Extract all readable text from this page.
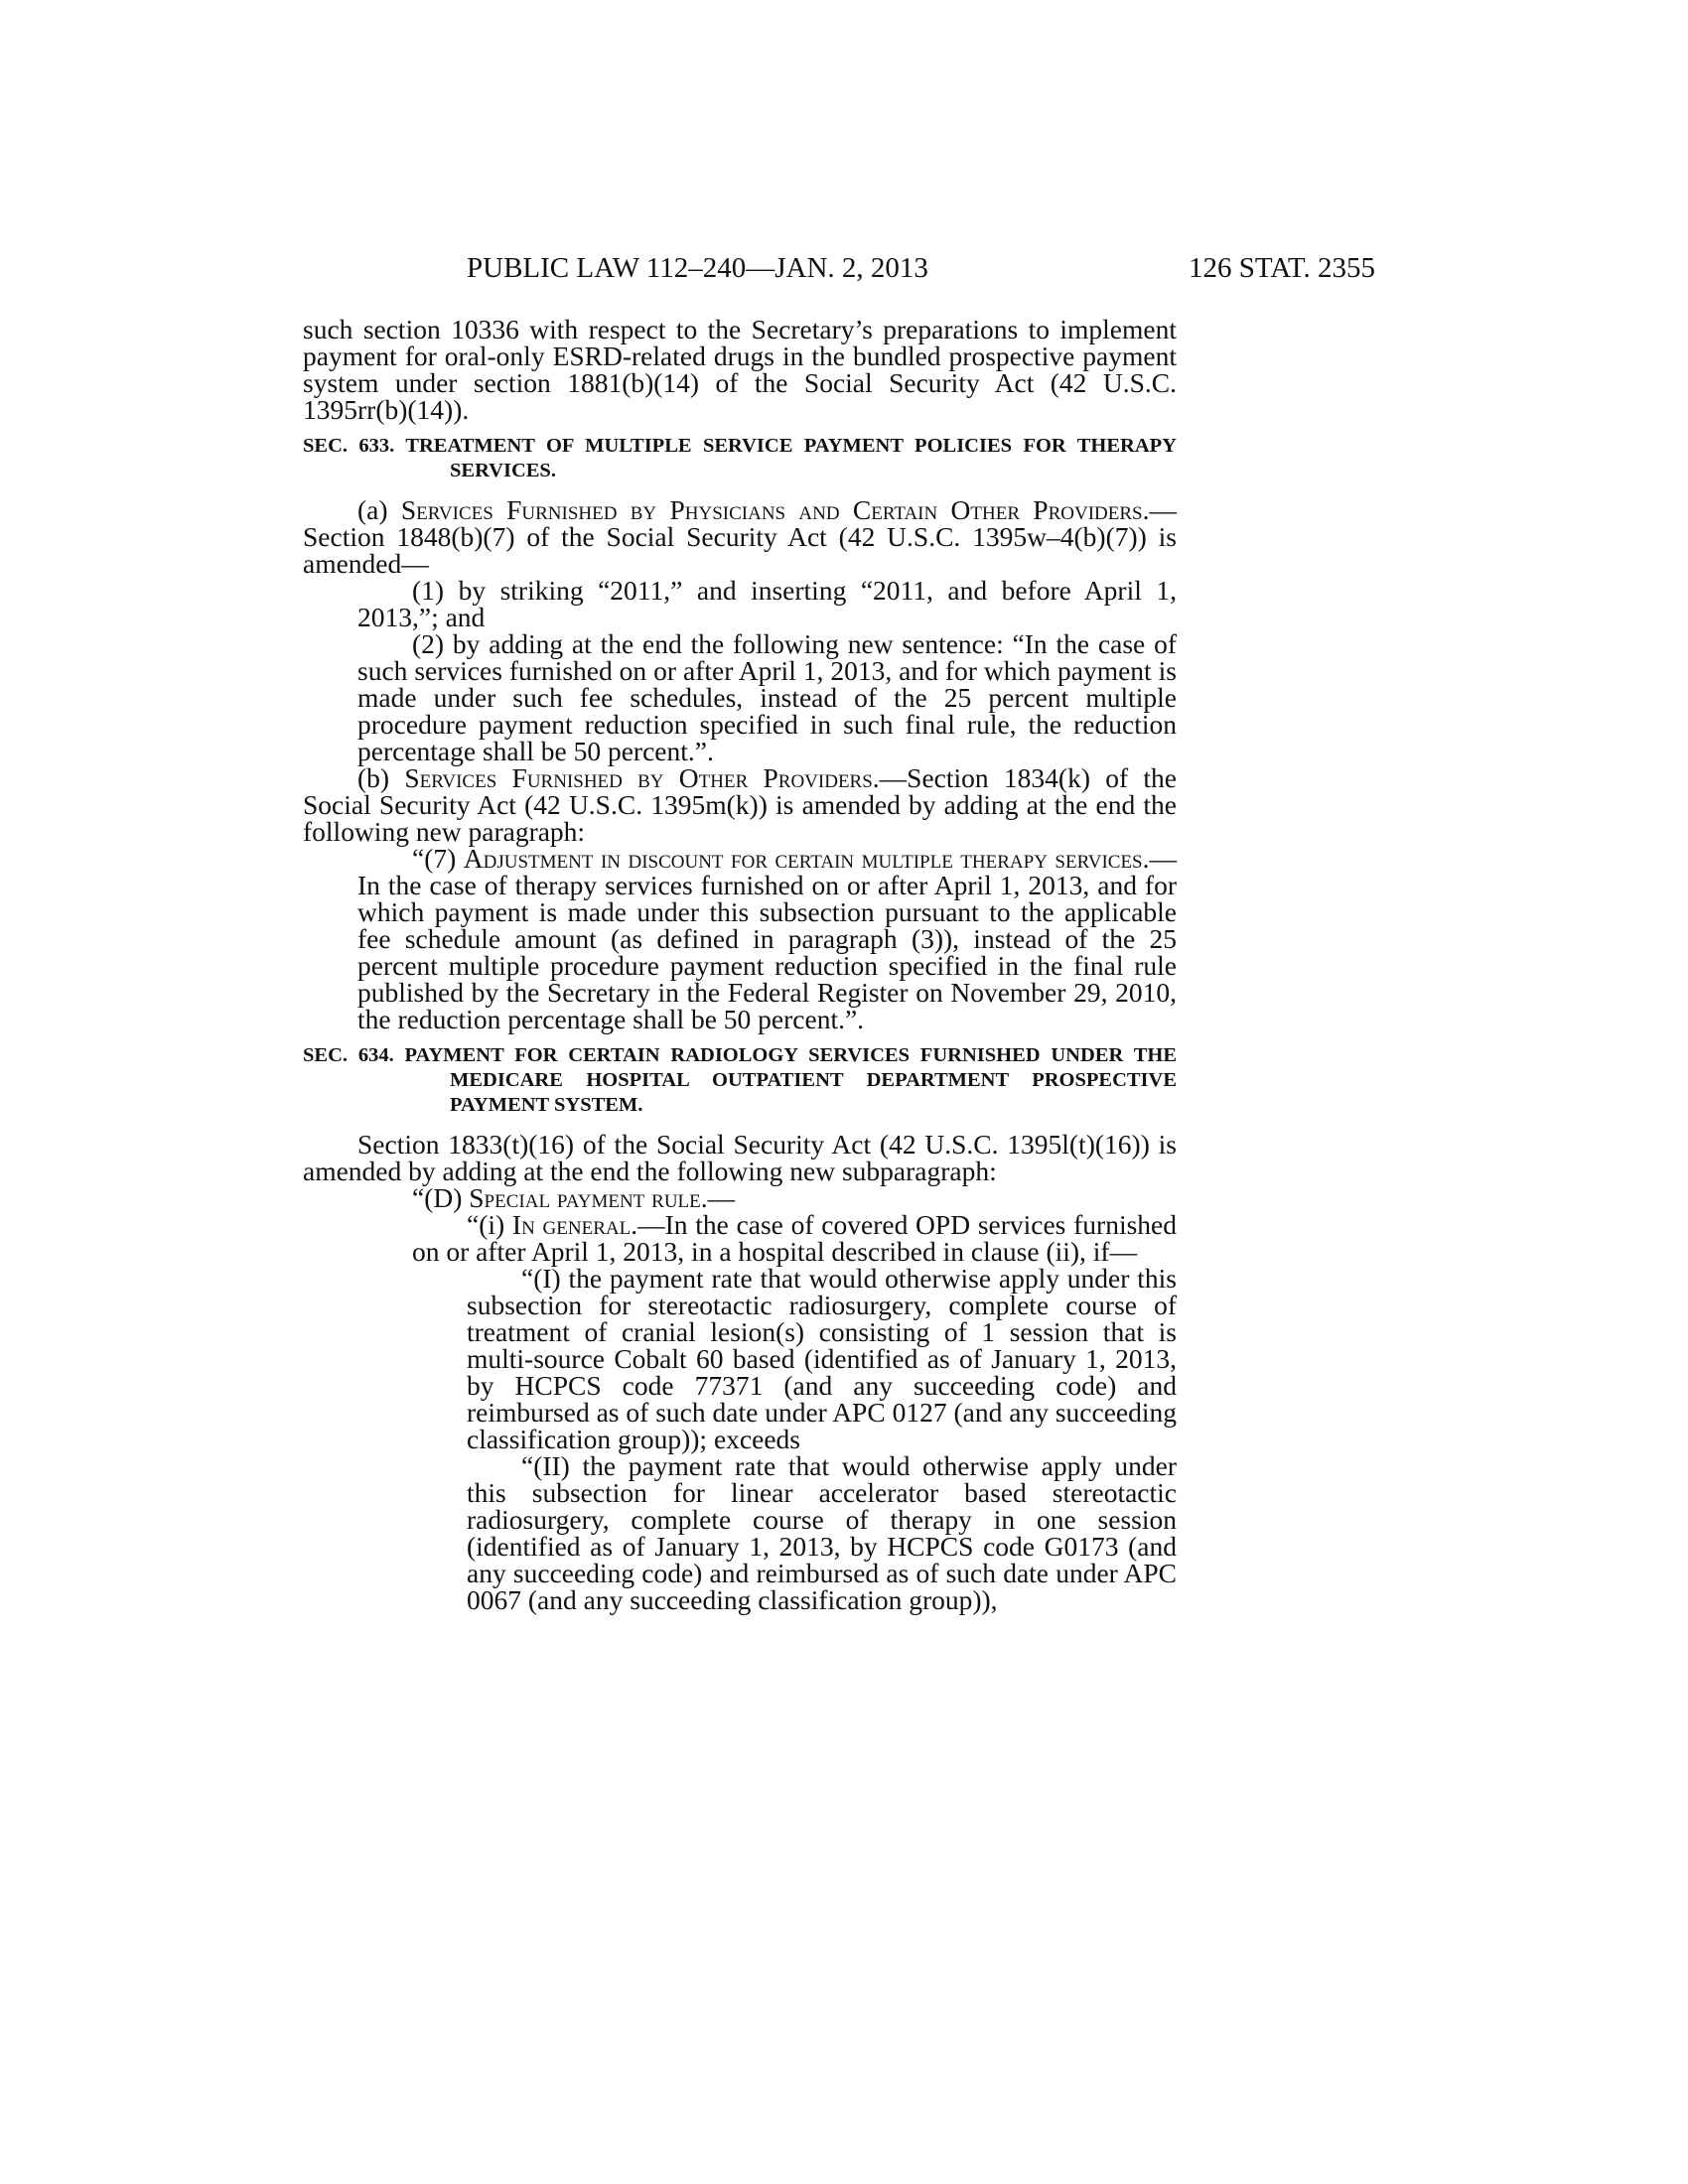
PUBLIC LAW 112–240—JAN. 2, 2013	126 STAT. 2355

such section 10336 with respect to the Secretary’s preparations to implement payment for oral-only ESRD-related drugs in the bundled prospective payment system under section 1881(b)(14) of the Social Security Act (42 U.S.C. 1395rr(b)(14)).

SEC. 633. TREATMENT OF MULTIPLE SERVICE PAYMENT POLICIES FOR THERAPY SERVICES.

(a) Services Furnished by Physicians and Certain Other Providers.—Section 1848(b)(7) of the Social Security Act (42 U.S.C. 1395w–4(b)(7)) is amended—

(1) by striking “2011,” and inserting “2011, and before April 1, 2013,”; and

(2) by adding at the end the following new sentence: “In the case of such services furnished on or after April 1, 2013, and for which payment is made under such fee schedules, instead of the 25 percent multiple procedure payment reduction specified in such final rule, the reduction percentage shall be 50 percent.”.

(b) Services Furnished by Other Providers.—Section 1834(k) of the Social Security Act (42 U.S.C. 1395m(k)) is amended by adding at the end the following new paragraph:

“(7) Adjustment in discount for certain multiple therapy services.—In the case of therapy services furnished on or after April 1, 2013, and for which payment is made under this subsection pursuant to the applicable fee schedule amount (as defined in paragraph (3)), instead of the 25 percent multiple procedure payment reduction specified in the final rule published by the Secretary in the Federal Register on November 29, 2010, the reduction percentage shall be 50 percent.”.

SEC. 634. PAYMENT FOR CERTAIN RADIOLOGY SERVICES FURNISHED UNDER THE MEDICARE HOSPITAL OUTPATIENT DEPARTMENT PROSPECTIVE PAYMENT SYSTEM.

Section 1833(t)(16) of the Social Security Act (42 U.S.C. 1395l(t)(16)) is amended by adding at the end the following new subparagraph:

“(D) Special payment rule.—

“(i) In general.—In the case of covered OPD services furnished on or after April 1, 2013, in a hospital described in clause (ii), if—

“(I) the payment rate that would otherwise apply under this subsection for stereotactic radiosurgery, complete course of treatment of cranial lesion(s) consisting of 1 session that is multi-source Cobalt 60 based (identified as of January 1, 2013, by HCPCS code 77371 (and any succeeding code) and reimbursed as of such date under APC 0127 (and any succeeding classification group)); exceeds

“(II) the payment rate that would otherwise apply under this subsection for linear accelerator based stereotactic radiosurgery, complete course of therapy in one session (identified as of January 1, 2013, by HCPCS code G0173 (and any succeeding code) and reimbursed as of such date under APC 0067 (and any succeeding classification group)),
